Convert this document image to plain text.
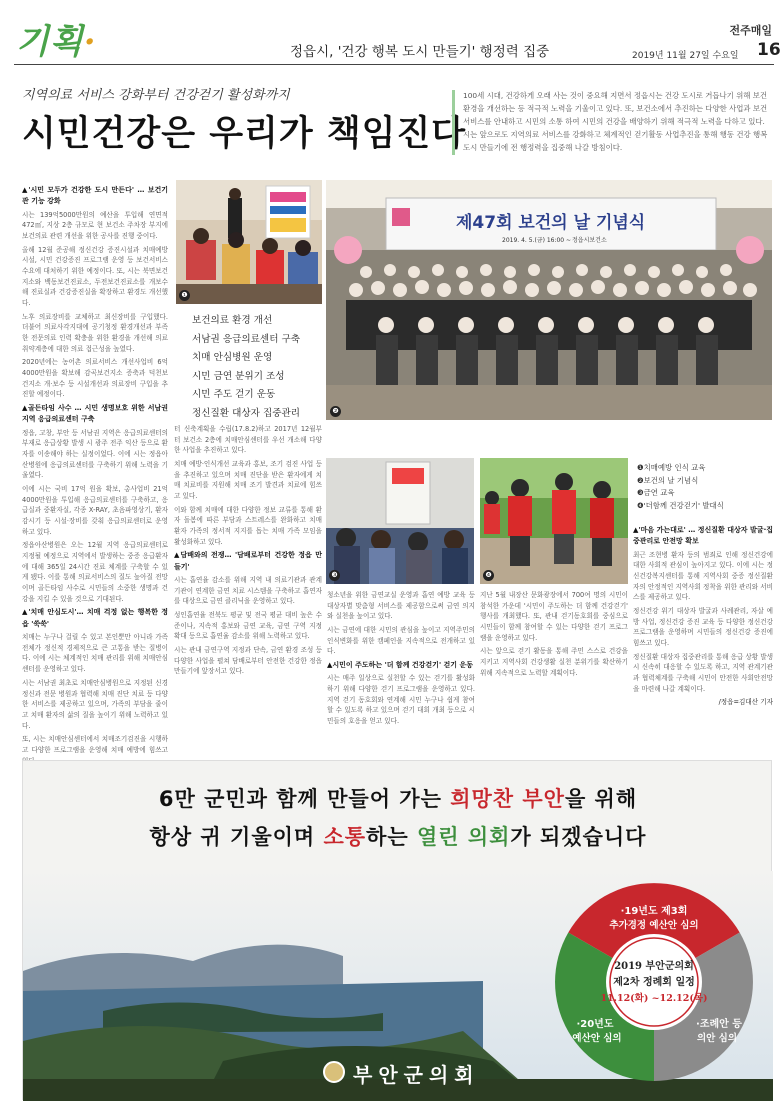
기획·	정읍시, '건강 행복 도시 만들기' 행정력 집중
전주매일
2019년 11월 27일 수요일 16
지역의료 서비스 강화부터 건강걷기 활성화까지
시민건강은 우리가 책임진다
100세 시대, 건강하게 오래 사는 것이 중요해 지면서 정읍시는 건강 도시로 거듭나기 위해 보건환경을 개선하는 등 적극적 노력을 기울이고 있다. 또, 보건소에서 추진하는 다양한 사업과 보건 서비스를 안내하고 시민의 소통 하여 시민의 건강을 배양하기 위해 적극적 노력을 다하고 있다. 시는 앞으로도 지역의료 서비스를 강화하고 체계적인 걷기활동 사업추진을 통해 행동 건강 행복 도시 만들기에 전 행정력을 집중해 나갈 방침이다.

▲'시민 모두가 건강한 도시 만든다' … 보건기관 기능 강화

시는 139억5000만원의 예산을 투입해 연면적 472㎡, 지상 2층 규모로 현 보건소 주차장 부지에 보건의료 관련 개선을 위한 공사를 진행 중이다.

올해 12월 준공해 정신건강 증진시설과 치매예방시설, 시민 건강증진 프로그램 운영 등 보건서비스 수요에 대처하기 위한 예정이다. 또, 시는 북면보건지소와 백동보건진료소, 두전보건진료소를 개보수해 진료실과 건강증진실을 확장하고 환경도 개선했다.

노후 의료장비를 교체하고 최신장비를 구입했다. 더불어 의료사각지대에 공기청정 환경개선과 부족한 전문의료 인력 확충을 위한 환경을 개선해 의료 취약계층에 대한 의료 접근성을 높였다.

2020년에는 농어촌 의료서비스 개선사업비 6억4000만원을 확보해 감곡보건지소 증축과 덕천보건지소 개·보수 등 시설개선과 의료장비 구입을 추진할 예정이다.

▲골든타임 사수 … 시민 생명보호 위한 서남권 지역 응급의료센터 구축

정읍, 고창, 부안 등 서남권 지역은 응급의료센터의 부재로 응급상황 발생 시 광주 전주 익산 등으로 환자를 이송해야 하는 실정이었다. 이에 시는 정읍아산병원에 응급의료센터를 구축하기 위해 노력을 기울였다.

이에 시는 국비 17억 원을 확보, 총사업비 21억4000만원을 투입해 응급의료센터를 구축하고, 응급실과 중환자실, 각종 X-RAY, 초음파영상기, 환자감시기 등 시설·장비를 갖춰 응급의료센터로 운영하고 있다.

정읍아산병원은 오는 12월 지역 응급의료센터로 지정될 예정으로 지역에서 발생하는 중증 응급환자에 대해 365일 24시간 진료 체계를 구축할 수 있게 됐다. 이를 통해 의료서비스의 질도 높아질 전망이며 골든타임 사수로 시민들의 소중한 생명과 건강을 지킬 수 있을 것으로 기대된다.

▲'치매 안심도시'… 치매 걱정 없는 행복한 정읍 '쑥쑥'

치매는 누구나 걸릴 수 있고 본인뿐만 아니라 가족 전체가 정신적 경제적으로 큰 고통을 받는 질병이다. 이에 시는 체계적인 치매 관리를 위해 치매안심센터를 운영하고 있다.

시는 서남권 최초로 치매안심병원으로 지정된 신경정신과 전문 병원과 협력해 치매 진단 치료 등 다양한 서비스를 제공하고 있으며, 가족의 부담을 줄이고 치매 환자의 삶의 질을 높이기 위해 노력하고 있다.

또, 시는 치매안심센터에서 치매조기검진을 시행하고 다양한 프로그램을 운영해 치매 예방에 힘쓰고

터 신축계획을 수립(17.8.2)하고 2017년 12월부터 보건소 2층에 치매안심센터를 우선 개소해 다양한 사업을 추진하고 있다.

치매 예방·인식개선 교육과 홍보, 조기 검진 사업 등을 추진하고 있으며 치매 진단을 받은 환자에게 치매 치료비를 지원해 치매 조기 발견과 치료에 힘쓰고 있다.

이와 함께 치매에 대한 다양한 정보 교류를 통해 환자 돌봄에 따른 부담과 스트레스를 완화하고 치매 환자 가족의 정서적 지지를 돕는 치매 가족 모임을 활성화하고 있다.

▲담배와의 전쟁… '담배로부터 건강한 정읍 만들기'

시는 흡연율 감소를 위해 지역 내 의료기관과 관계기관이 연계한 금연 치료 시스템을 구축하고 흡연자를 대상으로 금연 클리닉을 운영하고 있다.

성인흡연율 전북도 평균 및 전국 평균 대비 높은 수준이나, 지속적 홍보와 금연 교육, 금연 구역 지정 확대 등으로 흡연율 감소를 위해 노력하고 있다.

시는 관내 금연구역 지정과 단속, 금연 환경 조성 등 다양한 사업을 펼쳐 담배로부터 안전한 건강한 정읍 만들기에 앞장서고 있다.

청소년을 위한 금연교실 운영과 흡연 예방 교육 등 대상자별 맞춤형 서비스를 제공함으로써 금연 의지와 실천을 높이고 있다.

시는 금연에 대한 시민의 관심을 높이고 지역주민의 인식변화를 위한 캠페인을 지속적으로 전개하고 있다.

▲시민이 주도하는 '더 함께 건강걷기' 걷기 운동

시는 매주 일상으로 실천할 수 있는 걷기를 활성화하기 위해 다양한 걷기 프로그램을 운영하고 있다. 지역 걷기 동호회와 연계해 시민 누구나 쉽게 참여할 수 있도록 하고 있으며 걷기 대회 개최 등으로 시민들의 호응을 얻고 있다.

지난 5월 내장산 문화광장에서 700여 명의 시민이 참석한 가운데 '시민이 주도하는 더 함께 건강걷기' 행사를 개최했다. 또, 관내 걷기동호회를 중심으로 시민들이 함께 참여할 수 있는 다양한 걷기 프로그램을 운영하고 있다.

시는 앞으로 걷기 활동을 통해 주민 스스로 건강을 지키고 지역사회 건강생활 실천 분위기를 확산하기 위해 지속적으로 노력할 계획이다.

▲'마음 가는대로' … 정신질환 대상자 발굴·집중관리로 안전망 확보

최근 조현병 환자 등의 범죄로 인해 정신건강에 대한 사회적 관심이 높아지고 있다. 이에 시는 정신건강복지센터를 통해 지역사회 중증 정신질환자의 안정적인 지역사회 정착을 위한 관리와 서비스를 제공하고 있다.

정신건강 위기 대상자 발굴과 사례관리, 자살 예방 사업, 정신건강 증진 교육 등 다양한 정신건강 프로그램을 운영하며 시민들의 정신건강 증진에 힘쓰고 있다.

정신질환 대상자 집중관리를 통해 응급 상황 발생 시 신속히 대응할 수 있도록 하고, 지역 관계기관과 협력체계를 구축해 시민이 안전한 사회안전망을 마련해 나갈 계획이다.

/정읍=김대산 기자

❶
보건의료 환경 개선
서남권 응급의료센터 구축
치매 안심병원 운영
시민 금연 분위기 조성
시민 주도 걷기 운동
정신질환 대상자 집중관리
제47회 보건의 날 기념식
2019. 4. 5.(금) 16:00 ~ 정읍시보건소
❷
❸	❹
❶치매예방 인식 교육
❷보건의 날 기념식
❸금연 교육
❹'더함께 건강걷기' 발대식
6만 군민과 함께 만들어 가는 희망찬 부안을 위해
항상 귀 기울이며 소통하는 열린 의회가 되겠습니다
·19년도 제3회
추가경정 예산안 심의
·20년도
예산안 심의
·조례안 등
의안 심의
2019 부안군의회
제2차 정례회 일정
11.12(화) ~12.12(목)
부안군의회
